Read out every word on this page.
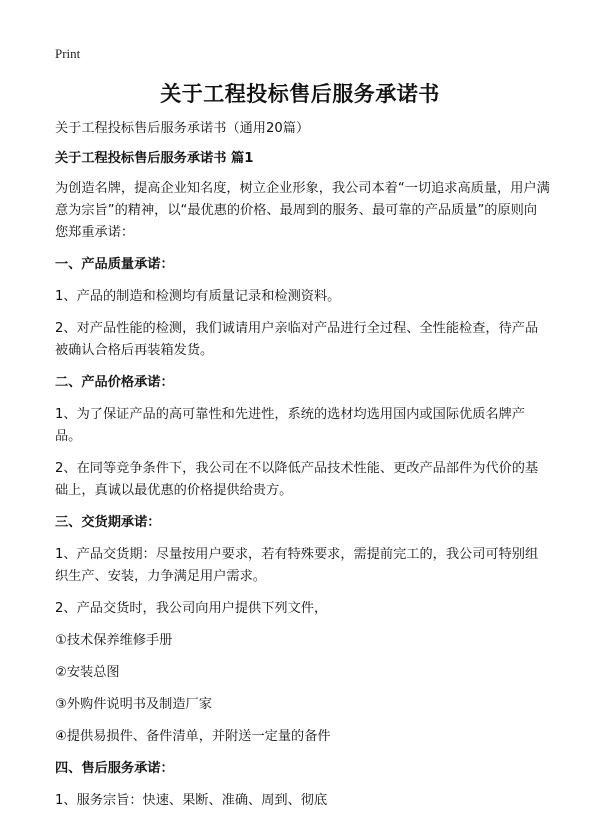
Print
关于工程投标售后服务承诺书

关于工程投标售后服务承诺书（通用20篇）

关于工程投标售后服务承诺书 篇1

为创造名牌，提高企业知名度，树立企业形象，我公司本着“一切追求高质量，用户满意为宗旨”的精神，以“最优惠的价格、最周到的服务、最可靠的产品质量”的原则向您郑重承诺：

一、产品质量承诺：

1、产品的制造和检测均有质量记录和检测资料。

2、对产品性能的检测，我们诚请用户亲临对产品进行全过程、全性能检查，待产品被确认合格后再装箱发货。

二、产品价格承诺：

1、为了保证产品的高可靠性和先进性，系统的选材均选用国内或国际优质名牌产品。

2、在同等竞争条件下，我公司在不以降低产品技术性能、更改产品部件为代价的基础上，真诚以最优惠的价格提供给贵方。

三、交货期承诺：

1、产品交货期：尽量按用户要求，若有特殊要求，需提前完工的，我公司可特别组织生产、安装，力争满足用户需求。

2、产品交货时，我公司向用户提供下列文件，

①技术保养维修手册

②安装总图

③外购件说明书及制造厂家

④提供易损件、备件清单，并附送一定量的备件

四、售后服务承诺：

1、服务宗旨：快速、果断、准确、周到、彻底
